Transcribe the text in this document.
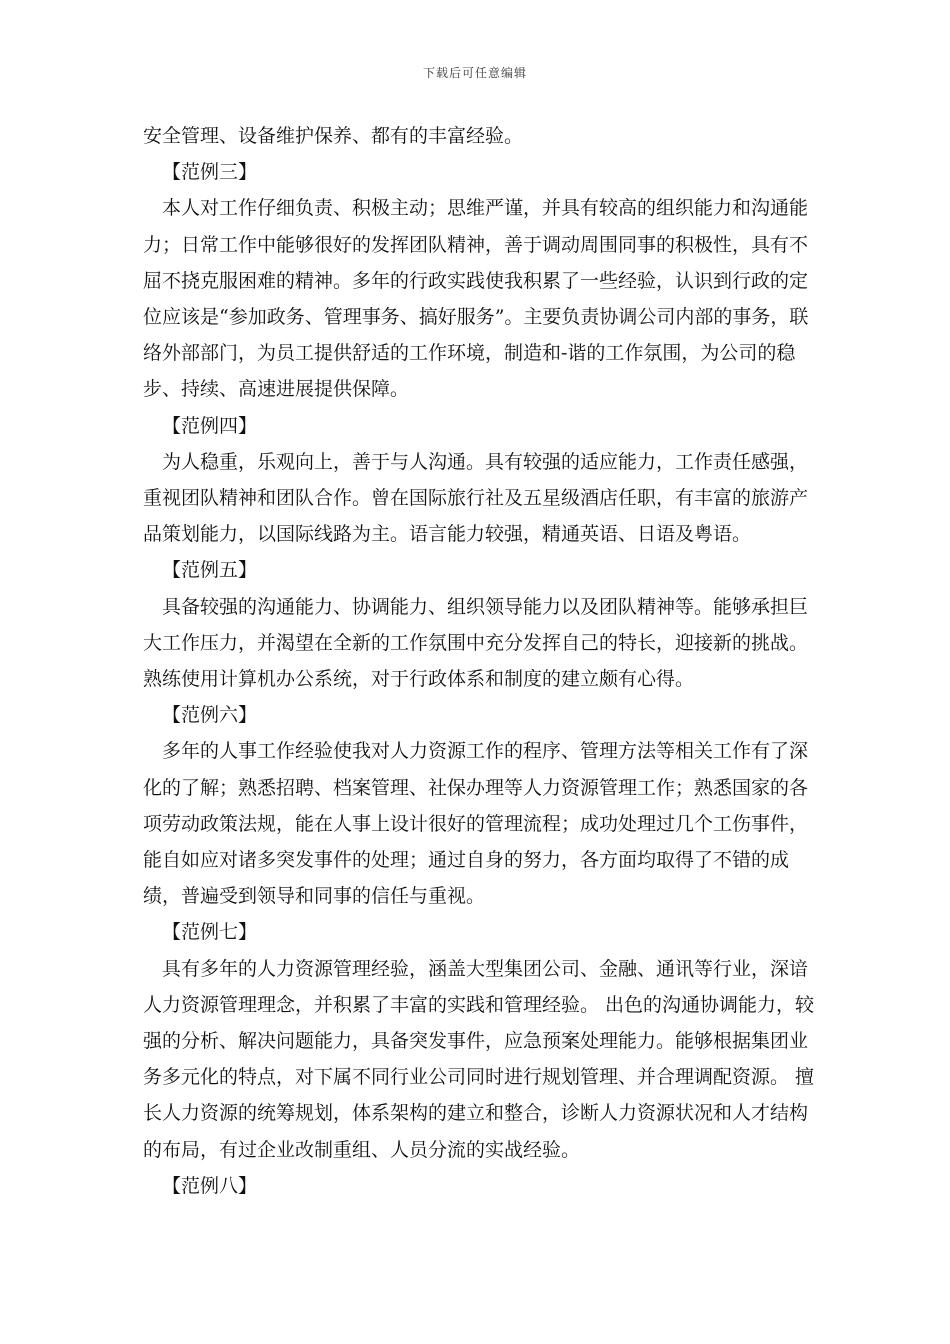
下载后可任意编辑

安全管理、设备维护保养、都有的丰富经验。

【范例三】

本人对工作仔细负责、积极主动；思维严谨，并具有较高的组织能力和沟通能力；日常工作中能够很好的发挥团队精神，善于调动周围同事的积极性，具有不屈不挠克服困难的精神。多年的行政实践使我积累了一些经验，认识到行政的定位应该是“参加政务、管理事务、搞好服务”。主要负责协调公司内部的事务，联络外部部门，为员工提供舒适的工作环境，制造和-谐的工作氛围，为公司的稳步、持续、高速进展提供保障。

【范例四】

为人稳重，乐观向上，善于与人沟通。具有较强的适应能力，工作责任感强，重视团队精神和团队合作。曾在国际旅行社及五星级酒店任职，有丰富的旅游产品策划能力，以国际线路为主。语言能力较强，精通英语、日语及粤语。

【范例五】

具备较强的沟通能力、协调能力、组织领导能力以及团队精神等。能够承担巨大工作压力，并渴望在全新的工作氛围中充分发挥自己的特长，迎接新的挑战。熟练使用计算机办公系统，对于行政体系和制度的建立颇有心得。

【范例六】

多年的人事工作经验使我对人力资源工作的程序、管理方法等相关工作有了深化的了解；熟悉招聘、档案管理、社保办理等人力资源管理工作；熟悉国家的各项劳动政策法规，能在人事上设计很好的管理流程；成功处理过几个工伤事件，能自如应对诸多突发事件的处理；通过自身的努力，各方面均取得了不错的成绩，普遍受到领导和同事的信任与重视。

【范例七】

具有多年的人力资源管理经验，涵盖大型集团公司、金融、通讯等行业，深谙人力资源管理理念，并积累了丰富的实践和管理经验。 出色的沟通协调能力，较强的分析、解决问题能力，具备突发事件，应急预案处理能力。能够根据集团业务多元化的特点，对下属不同行业公司同时进行规划管理、并合理调配资源。 擅长人力资源的统筹规划，体系架构的建立和整合，诊断人力资源状况和人才结构的布局，有过企业改制重组、人员分流的实战经验。

【范例八】
